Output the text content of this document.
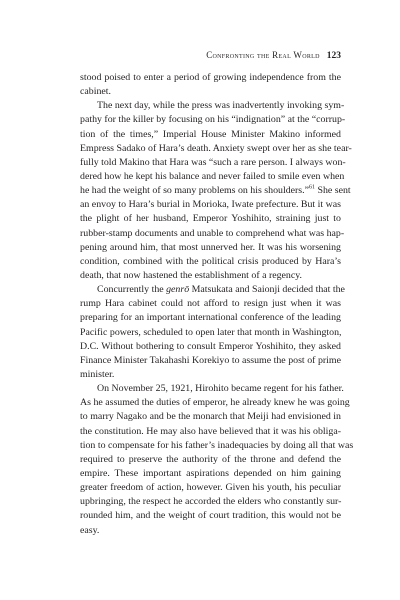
Confronting the Real World 123

stood poised to enter a period of growing independence from the
cabinet.

The next day, while the press was inadvertently invoking sym-
pathy for the killer by focusing on his “indignation” at the “corrup-
tion of the times,” Imperial House Minister Makino informed
Empress Sadako of Hara’s death. Anxiety swept over her as she tear-
fully told Makino that Hara was “such a rare person. I always won-
dered how he kept his balance and never failed to smile even when
he had the weight of so many problems on his shoulders.”$^{61}$ She sent
an envoy to Hara’s burial in Morioka, Iwate prefecture. But it was
the plight of her husband, Emperor Yoshihito, straining just to
rubber-stamp documents and unable to comprehend what was hap-
pening around him, that most unnerved her. It was his worsening
condition, combined with the political crisis produced by Hara’s
death, that now hastened the establishment of a regency.

Concurrently the genrō Matsukata and Saionji decided that the
rump Hara cabinet could not afford to resign just when it was
preparing for an important international conference of the leading
Pacific powers, scheduled to open later that month in Washington,
D.C. Without bothering to consult Emperor Yoshihito, they asked
Finance Minister Takahashi Korekiyo to assume the post of prime
minister.

On November 25, 1921, Hirohito became regent for his father.
As he assumed the duties of emperor, he already knew he was going
to marry Nagako and be the monarch that Meiji had envisioned in
the constitution. He may also have believed that it was his obliga-
tion to compensate for his father’s inadequacies by doing all that was
required to preserve the authority of the throne and defend the
empire. These important aspirations depended on him gaining
greater freedom of action, however. Given his youth, his peculiar
upbringing, the respect he accorded the elders who constantly sur-
rounded him, and the weight of court tradition, this would not be
easy.
